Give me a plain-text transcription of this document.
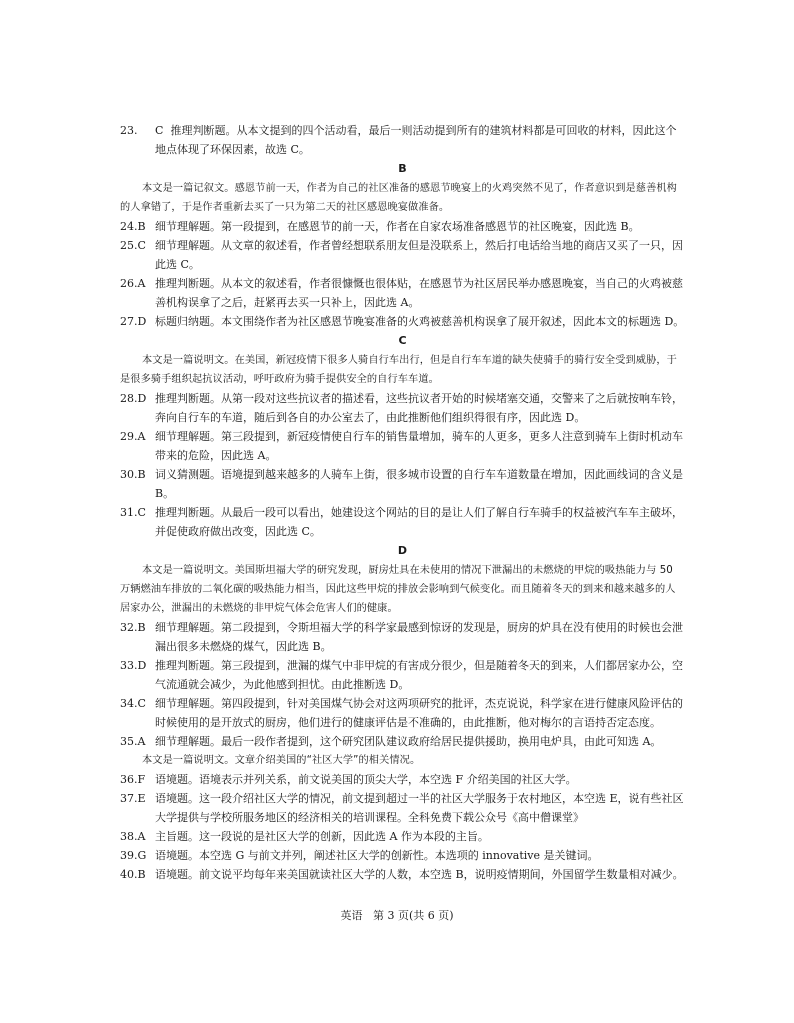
23.	C 推理判断题。从本文提到的四个活动看，最后一则活动提到所有的建筑材料都是可回收的材料，因此这个地点体现了环保因素，故选 C。

B

本文是一篇记叙文。感恩节前一天，作者为自己的社区准备的感恩节晚宴上的火鸡突然不见了，作者意识到是慈善机构的人拿错了，于是作者重新去买了一只为第二天的社区感恩晚宴做准备。

24.B 细节理解题。第一段提到，在感恩节的前一天，作者在自家农场准备感恩节的社区晚宴，因此选 B。

25.C 细节理解题。从文章的叙述看，作者曾经想联系朋友但是没联系上，然后打电话给当地的商店又买了一只，因此选 C。

26.A 推理判断题。从本文的叙述看，作者很慷慨也很体贴，在感恩节为社区居民举办感恩晚宴，当自己的火鸡被慈善机构误拿了之后，赶紧再去买一只补上，因此选 A。

27.D 标题归纳题。本文围绕作者为社区感恩节晚宴准备的火鸡被慈善机构误拿了展开叙述，因此本文的标题选 D。

C

本文是一篇说明文。在美国，新冠疫情下很多人骑自行车出行，但是自行车车道的缺失使骑手的骑行安全受到威胁，于是很多骑手组织起抗议活动，呼吁政府为骑手提供安全的自行车车道。

28.D 推理判断题。从第一段对这些抗议者的描述看，这些抗议者开始的时候堵塞交通，交警来了之后就按响车铃，奔向自行车的车道，随后到各自的办公室去了，由此推断他们组织得很有序，因此选 D。

29.A 细节理解题。第三段提到，新冠疫情使自行车的销售量增加，骑车的人更多，更多人注意到骑车上街时机动车带来的危险，因此选 A。

30.B 词义猜测题。语境提到越来越多的人骑车上街，很多城市设置的自行车车道数量在增加，因此画线词的含义是 B。

31.C 推理判断题。从最后一段可以看出，她建设这个网站的目的是让人们了解自行车骑手的权益被汽车车主破坏，并促使政府做出改变，因此选 C。

D

本文是一篇说明文。美国斯坦福大学的研究发现，厨房灶具在未使用的情况下泄漏出的未燃烧的甲烷的吸热能力与 50 万辆燃油车排放的二氧化碳的吸热能力相当，因此这些甲烷的排放会影响到气候变化。而且随着冬天的到来和越来越多的人居家办公，泄漏出的未燃烧的非甲烷气体会危害人们的健康。

32.B 细节理解题。第二段提到，令斯坦福大学的科学家最感到惊讶的发现是，厨房的炉具在没有使用的时候也会泄漏出很多未燃烧的煤气，因此选 B。

33.D 推理判断题。第三段提到，泄漏的煤气中非甲烷的有害成分很少，但是随着冬天的到来，人们都居家办公，空气流通就会减少，为此他感到担忧。由此推断选 D。

34.C 细节理解题。第四段提到，针对美国煤气协会对这两项研究的批评，杰克说说，科学家在进行健康风险评估的时候使用的是开放式的厨房，他们进行的健康评估是不准确的，由此推断，他对梅尔的言语持否定态度。

35.A 细节理解题。最后一段作者提到，这个研究团队建议政府给居民提供援助，换用电炉具，由此可知选 A。

本文是一篇说明文。文章介绍美国的“社区大学”的相关情况。

36.F 语境题。语境表示并列关系，前文说美国的顶尖大学，本空选 F 介绍美国的社区大学。

37.E 语境题。这一段介绍社区大学的情况，前文提到超过一半的社区大学服务于农村地区，本空选 E，说有些社区大学提供与学校所服务地区的经济相关的培训课程。全科免费下载公众号《高中僧课堂》

38.A 主旨题。这一段说的是社区大学的创新，因此选 A 作为本段的主旨。

39.G 语境题。本空选 G 与前文并列，阐述社区大学的创新性。本选项的 innovative 是关键词。

40.B 语境题。前文说平均每年来美国就读社区大学的人数，本空选 B，说明疫情期间，外国留学生数量相对减少。

英语 第 3 页(共 6 页)
